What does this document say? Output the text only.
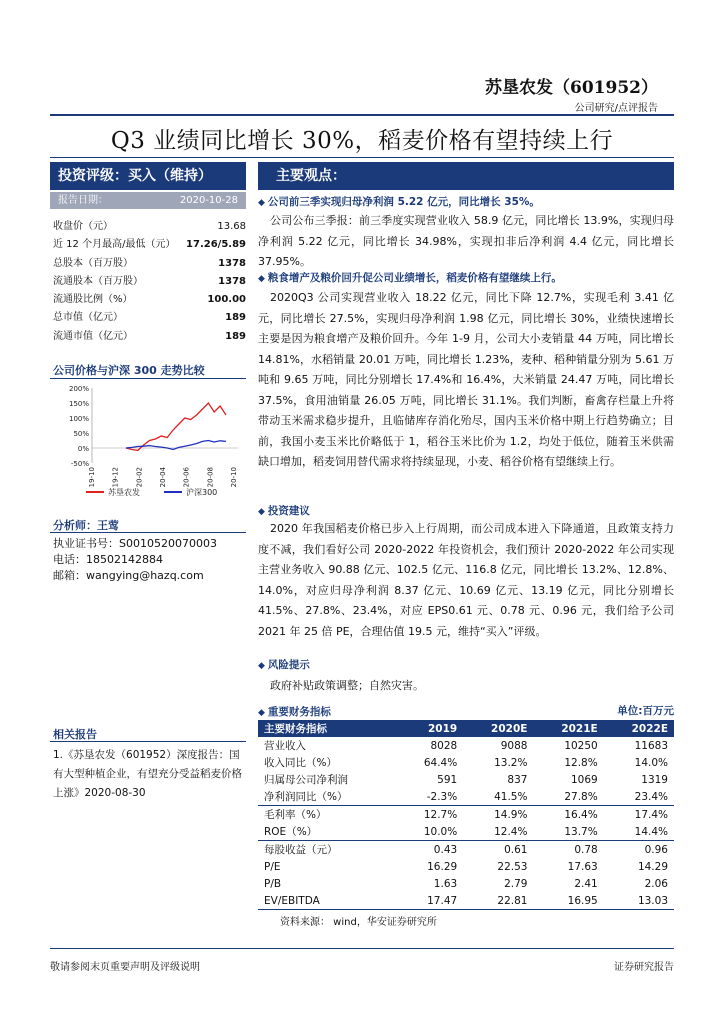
苏垦农发（601952）
公司研究/点评报告
Q3 业绩同比增长 30%，稻麦价格有望持续上行
投资评级：买入（维持）
报告日期：	2020-10-28
收盘价（元）	13.68
近 12 个月最高/最低（元） 17.26/5.89
总股本（百万股）	1378
流通股本（百万股）	1378
流通股比例（%）	100.00
总市值（亿元）	189
流通市值（亿元）	189
公司价格与沪深 300 走势比较
200%
150%
100%
50%
0%
-50%
19-10 19-12 20-02 20-04 20-06 20-08 20-10
苏垦农发	沪深300
分析师：王莺
执业证书号：S0010520070003
电话：18502142884
邮箱：wangying@hazq.com
相关报告
1.《苏垦农发（601952）深度报告：国有大型种植企业，有望充分受益稻麦价格上涨》2020-08-30
主要观点：
◆ 公司前三季实现归母净利润 5.22 亿元，同比增长 35%。
公司公布三季报：前三季度实现营业收入 58.9 亿元，同比增长 13.9%，实现归母净利润 5.22 亿元，同比增长 34.98%，实现扣非后净利润 4.4 亿元，同比增长 37.95%。
◆ 粮食增产及粮价回升促公司业绩增长，稻麦价格有望继续上行。
2020Q3 公司实现营业收入 18.22 亿元，同比下降 12.7%，实现毛利 3.41 亿元，同比增长 27.5%，实现归母净利润 1.98 亿元，同比增长 30%，业绩快速增长主要是因为粮食增产及粮价回升。今年 1-9 月，公司大小麦销量 44 万吨，同比增长 14.81%，水稻销量 20.01 万吨，同比增长 1.23%，麦种、稻种销量分别为 5.61 万吨和 9.65 万吨，同比分别增长 17.4%和 16.4%，大米销量 24.47 万吨，同比增长 37.5%，食用油销量 26.05 万吨，同比增长 31.1%。我们判断，畜禽存栏量上升将带动玉米需求稳步提升，且临储库存消化殆尽，国内玉米价格中期上行趋势确立；目前，我国小麦玉米比价略低于 1，稻谷玉米比价为 1.2，均处于低位，随着玉米供需缺口增加，稻麦饲用替代需求将持续显现，小麦、稻谷价格有望继续上行。
◆ 投资建议
2020 年我国稻麦价格已步入上行周期，而公司成本进入下降通道，且政策支持力度不减，我们看好公司 2020-2022 年投资机会，我们预计 2020-2022 年公司实现主营业务收入 90.88 亿元、102.5 亿元、116.8 亿元，同比增长 13.2%、12.8%、14.0%，对应归母净利润 8.37 亿元、10.69 亿元、13.19 亿元，同比分别增长 41.5%、27.8%、23.4%，对应 EPS0.61 元、0.78 元、0.96 元，我们给予公司 2021 年 25 倍 PE，合理估值 19.5 元，维持“买入”评级。
◆ 风险提示
政府补贴政策调整；自然灾害。
◆ 重要财务指标	单位:百万元
主要财务指标	2019	2020E	2021E	2022E
营业收入	8028	9088	10250	11683
收入同比（%）	64.4%	13.2%	12.8%	14.0%
归属母公司净利润	591	837	1069	1319
净利润同比（%）	-2.3%	41.5%	27.8%	23.4%
毛利率（%）	12.7%	14.9%	16.4%	17.4%
ROE（%）	10.0%	12.4%	13.7%	14.4%
每股收益（元）	0.43	0.61	0.78	0.96
P/E	16.29	22.53	17.63	14.29
P/B	1.63	2.79	2.41	2.06
EV/EBITDA	17.47	22.81	16.95	13.03
资料来源： wind，华安证券研究所
敬请参阅末页重要声明及评级说明	证券研究报告
